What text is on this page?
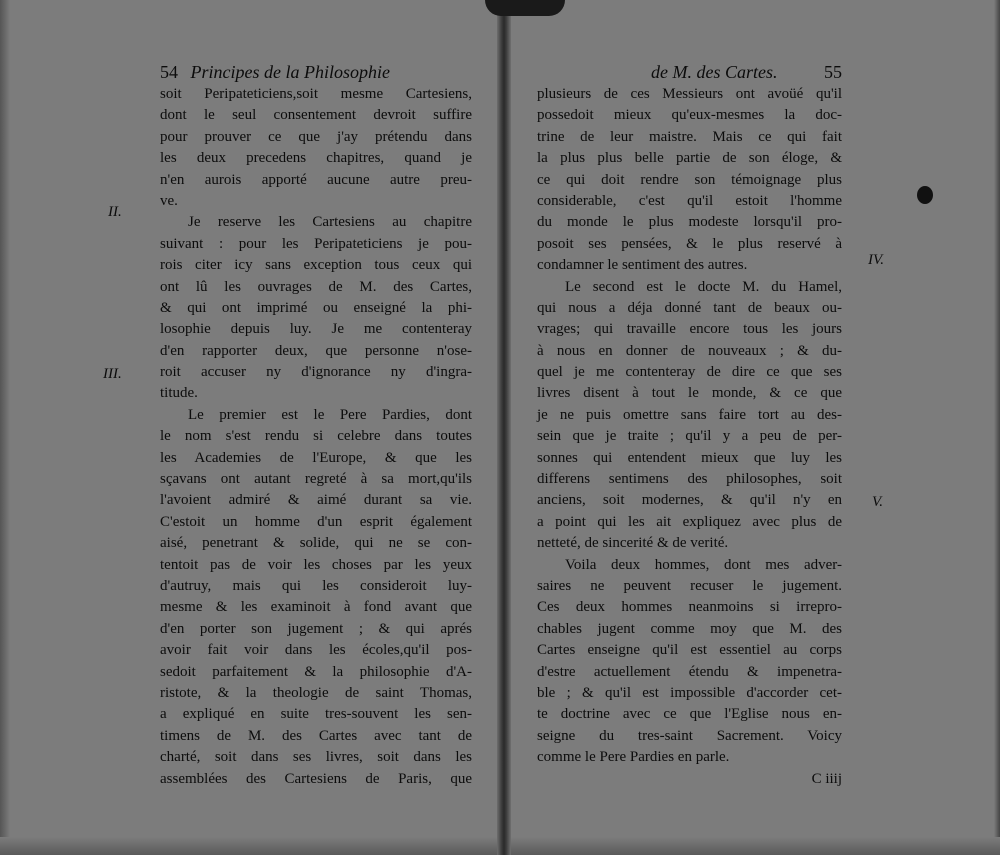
54 Principes de la Philosophie
soit Peripateticiens,soit mesme Cartesiens,
dont le seul consentement devroit suffire
pour prouver ce que j'ay prétendu dans
les deux precedens chapitres, quand je
n'en aurois apporté aucune autre preu-
ve.
Je reserve les Cartesiens au chapitre
suivant : pour les Peripateticiens je pou-
rois citer icy sans exception tous ceux qui
ont lû les ouvrages de M. des Cartes,
& qui ont imprimé ou enseigné la phi-
losophie depuis luy. Je me contenteray
d'en rapporter deux, que personne n'ose-
roit accuser ny d'ignorance ny d'ingra-
titude.
Le premier est le Pere Pardies, dont
le nom s'est rendu si celebre dans toutes
les Academies de l'Europe, & que les
sçavans ont autant regreté à sa mort,qu'ils
l'avoient admiré & aimé durant sa vie.
C'estoit un homme d'un esprit également
aisé, penetrant & solide, qui ne se con-
tentoit pas de voir les choses par les yeux
d'autruy, mais qui les consideroit luy-
mesme & les examinoit à fond avant que
d'en porter son jugement ; & qui aprés
avoir fait voir dans les écoles,qu'il pos-
sedoit parfaitement & la philosophie d'A-
ristote, & la theologie de saint Thomas,
a expliqué en suite tres-souvent les sen-
timens de M. des Cartes avec tant de
charté, soit dans ses livres, soit dans les
assemblées des Cartesiens de Paris, que
II.
III.
de M. des Cartes.	55
plusieurs de ces Messieurs ont avoüé qu'il
possedoit mieux qu'eux-mesmes la doc-
trine de leur maistre. Mais ce qui fait
la plus plus belle partie de son éloge, &
ce qui doit rendre son témoignage plus
considerable, c'est qu'il estoit l'homme
du monde le plus modeste lorsqu'il pro-
posoit ses pensées, & le plus reservé à
condamner le sentiment des autres.
Le second est le docte M. du Hamel,
qui nous a déja donné tant de beaux ou-
vrages; qui travaille encore tous les jours
à nous en donner de nouveaux ; & du-
quel je me contenteray de dire ce que ses
livres disent à tout le monde, & ce que
je ne puis omettre sans faire tort au des-
sein que je traite ; qu'il y a peu de per-
sonnes qui entendent mieux que luy les
differens sentimens des philosophes, soit
anciens, soit modernes, & qu'il n'y en
a point qui les ait expliquez avec plus de
netteté, de sincerité & de verité.
Voila deux hommes, dont mes adver-
saires ne peuvent recuser le jugement.
Ces deux hommes neanmoins si irrepro-
chables jugent comme moy que M. des
Cartes enseigne qu'il est essentiel au corps
d'estre actuellement étendu & impenetra-
ble ; & qu'il est impossible d'accorder cet-
te doctrine avec ce que l'Eglise nous en-
seigne du tres-saint Sacrement. Voicy
comme le Pere Pardies en parle.
C iiij
IV.
V.
